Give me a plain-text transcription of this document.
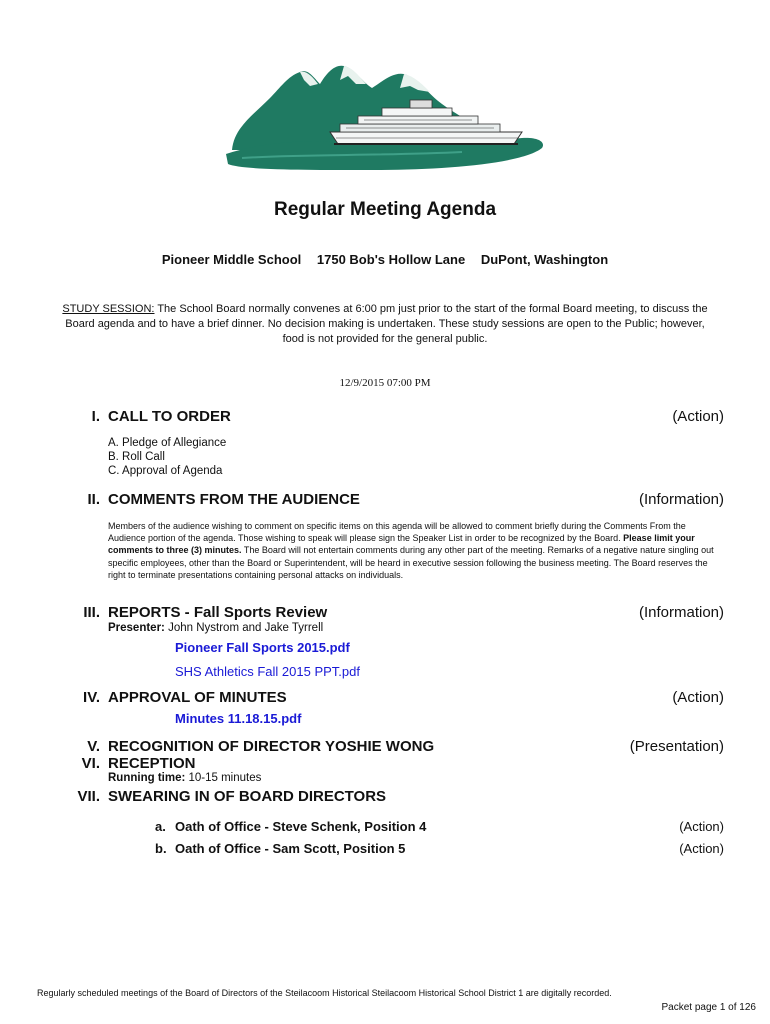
Regular Meeting Agenda
Pioneer Middle School 1750 Bob's Hollow Lane DuPont, Washington
STUDY SESSION: The School Board normally convenes at 6:00 pm just prior to the start of the formal Board meeting, to discuss the Board agenda and to have a brief dinner. No decision making is undertaken. These study sessions are open to the Public; however, food is not provided for the general public.
12/9/2015 07:00 PM
I. CALL TO ORDER	(Action)
A. Pledge of Allegiance
B. Roll Call
C. Approval of Agenda
II. COMMENTS FROM THE AUDIENCE	(Information)
Members of the audience wishing to comment on specific items on this agenda will be allowed to comment briefly during the Comments From the Audience portion of the agenda. Those wishing to speak will please sign the Speaker List in order to be recognized by the Board. Please limit your comments to three (3) minutes. The Board will not entertain comments during any other part of the meeting. Remarks of a negative nature singling out specific employees, other than the Board or Superintendent, will be heard in executive session following the business meeting. The Board reserves the right to terminate presentations containing personal attacks on individuals.
III. REPORTS - Fall Sports Review	(Information)
Presenter: John Nystrom and Jake Tyrrell
Pioneer Fall Sports 2015.pdf
SHS Athletics Fall 2015 PPT.pdf
IV. APPROVAL OF MINUTES	(Action)
Minutes 11.18.15.pdf
V. RECOGNITION OF DIRECTOR YOSHIE WONG	(Presentation)
VI. RECEPTION
Running time: 10-15 minutes
VII. SWEARING IN OF BOARD DIRECTORS
a. Oath of Office - Steve Schenk, Position 4	(Action)
b. Oath of Office - Sam Scott, Position 5	(Action)
Regularly scheduled meetings of the Board of Directors of the Steilacoom Historical Steilacoom Historical School District 1 are digitally recorded.
Packet page 1 of 126
